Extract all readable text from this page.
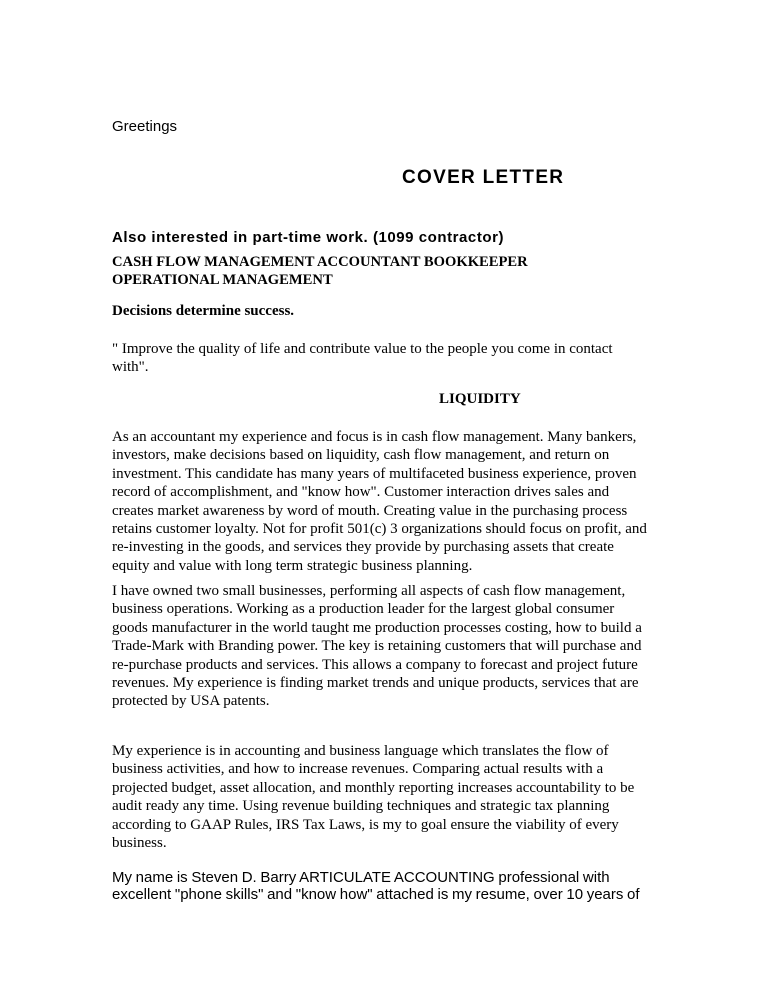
Greetings

COVER LETTER

Also interested in part-time work. (1099 contractor)

CASH FLOW MANAGEMENT ACCOUNTANT BOOKKEEPER OPERATIONAL MANAGEMENT

Decisions determine success.

" Improve the quality of life and contribute value to the people you come in contact with".

LIQUIDITY

As an accountant my experience and focus is in cash flow management. Many bankers, investors, make decisions based on liquidity, cash flow management, and return on investment. This candidate has many years of multifaceted business experience, proven record of accomplishment, and "know how". Customer interaction drives sales and creates market awareness by word of mouth. Creating value in the purchasing process retains customer loyalty. Not for profit 501(c) 3 organizations should focus on profit, and re-investing in the goods, and services they provide by purchasing assets that create equity and value with long term strategic business planning.

I have owned two small businesses, performing all aspects of cash flow management, business operations. Working as a production leader for the largest global consumer goods manufacturer in the world taught me production processes costing, how to build a Trade-Mark with Branding power. The key is retaining customers that will purchase and re-purchase products and services. This allows a company to forecast and project future revenues. My experience is finding market trends and unique products, services that are protected by USA patents.

My experience is in accounting and business language which translates the flow of business activities, and how to increase revenues. Comparing actual results with a projected budget, asset allocation, and monthly reporting increases accountability to be audit ready any time. Using revenue building techniques and strategic tax planning according to GAAP Rules, IRS Tax Laws, is my to goal ensure the viability of every business.

My name is Steven D. Barry ARTICULATE ACCOUNTING professional with excellent "phone skills" and "know how" attached is my resume, over 10 years of
